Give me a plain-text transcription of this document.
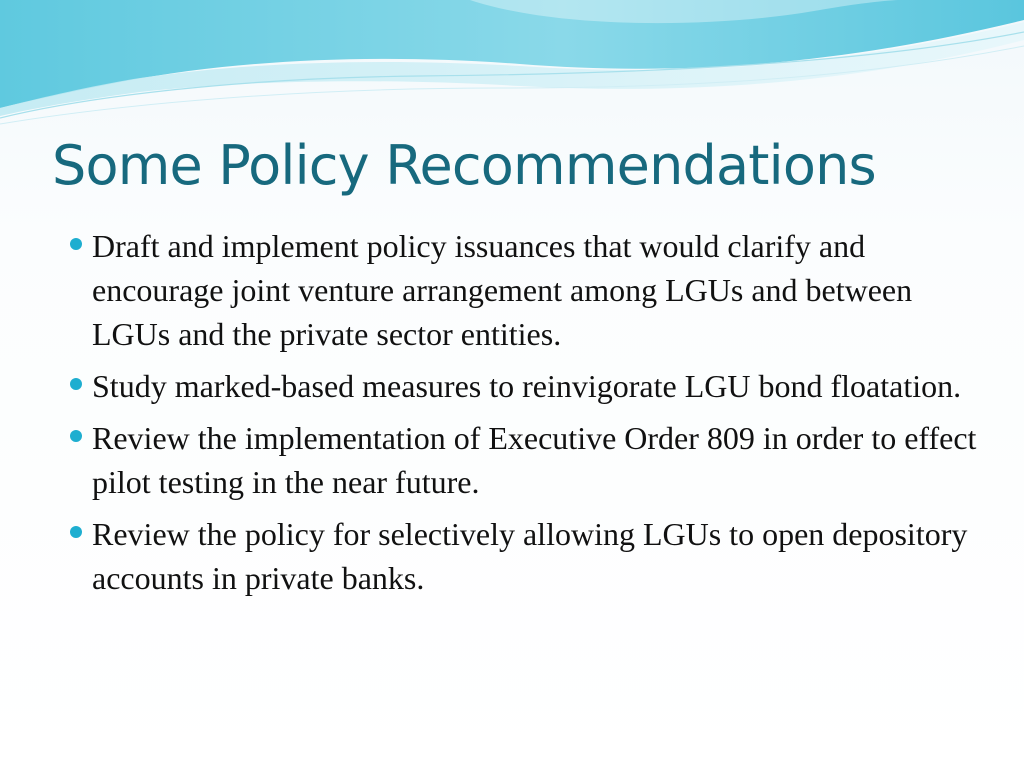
Some Policy Recommendations
Draft and implement policy issuances that would clarify and encourage joint venture arrangement among LGUs and between LGUs and the private sector entities.
Study marked-based measures to reinvigorate LGU bond floatation.
Review the implementation of Executive Order 809 in order to effect pilot testing in the near future.
Review the policy for selectively allowing LGUs to open depository accounts in private banks.
